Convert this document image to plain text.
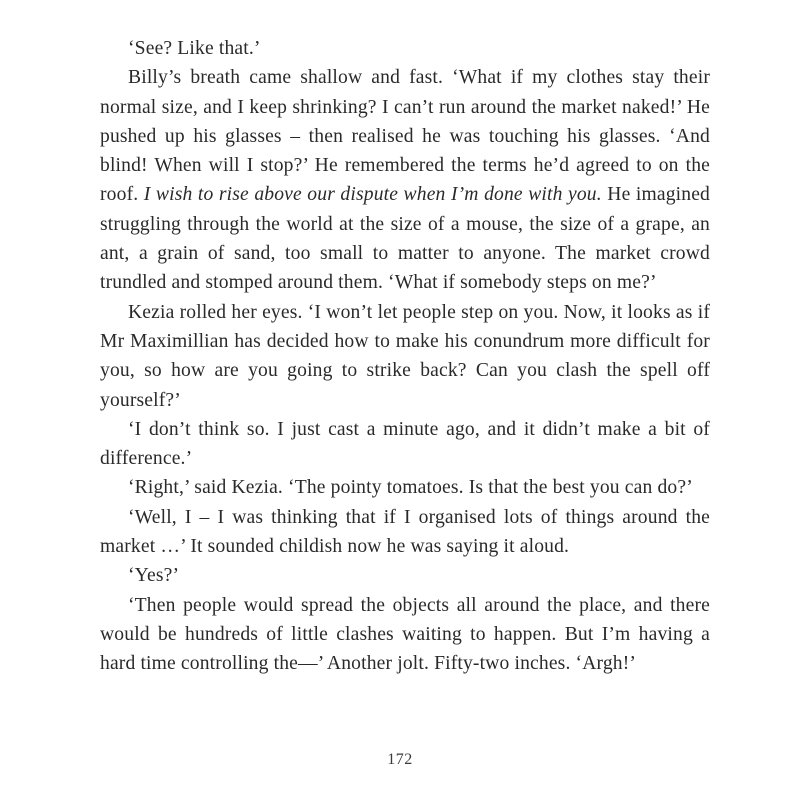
‘See? Like that.’

Billy’s breath came shallow and fast. ‘What if my clothes stay their normal size, and I keep shrinking? I can’t run around the market naked!’ He pushed up his glasses – then realised he was touching his glasses. ‘And blind! When will I stop?’ He remembered the terms he’d agreed to on the roof. I wish to rise above our dispute when I’m done with you. He imagined struggling through the world at the size of a mouse, the size of a grape, an ant, a grain of sand, too small to matter to anyone. The market crowd trundled and stomped around them. ‘What if somebody steps on me?’

Kezia rolled her eyes. ‘I won’t let people step on you. Now, it looks as if Mr Maximillian has decided how to make his conundrum more difficult for you, so how are you going to strike back? Can you clash the spell off yourself?’

‘I don’t think so. I just cast a minute ago, and it didn’t make a bit of difference.’

‘Right,’ said Kezia. ‘The pointy tomatoes. Is that the best you can do?’

‘Well, I – I was thinking that if I organised lots of things around the market …’ It sounded childish now he was saying it aloud.

‘Yes?’

‘Then people would spread the objects all around the place, and there would be hundreds of little clashes waiting to happen. But I’m having a hard time controlling the—’ Another jolt. Fifty-two inches. ‘Argh!’

172
